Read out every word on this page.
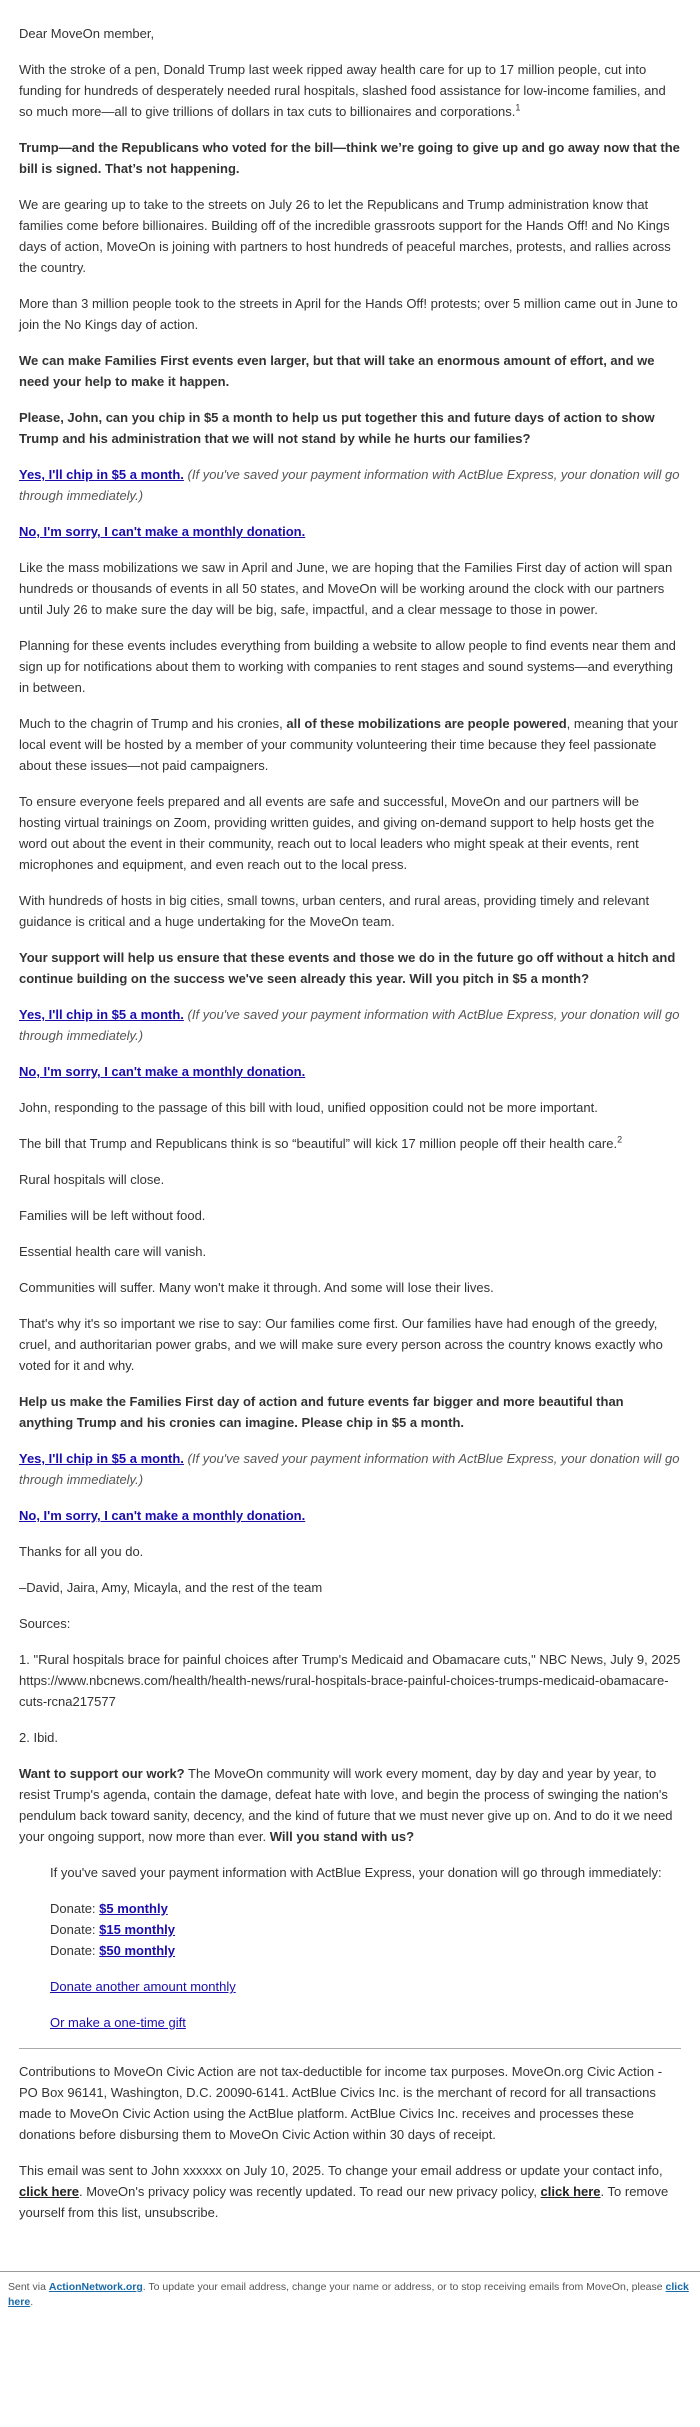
Dear MoveOn member,

With the stroke of a pen, Donald Trump last week ripped away health care for up to 17 million people, cut into funding for hundreds of desperately needed rural hospitals, slashed food assistance for low-income families, and so much more—all to give trillions of dollars in tax cuts to billionaires and corporations.$^1$

Trump—and the Republicans who voted for the bill—think we’re going to give up and go away now that the bill is signed. That’s not happening.

We are gearing up to take to the streets on July 26 to let the Republicans and Trump administration know that families come before billionaires. Building off of the incredible grassroots support for the Hands Off! and No Kings days of action, MoveOn is joining with partners to host hundreds of peaceful marches, protests, and rallies across the country.

More than 3 million people took to the streets in April for the Hands Off! protests; over 5 million came out in June to join the No Kings day of action.

We can make Families First events even larger, but that will take an enormous amount of effort, and we need your help to make it happen.

Please, John, can you chip in $5 a month to help us put together this and future days of action to show Trump and his administration that we will not stand by while he hurts our families?

Yes, I'll chip in $5 a month. (If you've saved your payment information with ActBlue Express, your donation will go through immediately.)

No, I'm sorry, I can't make a monthly donation.

Like the mass mobilizations we saw in April and June, we are hoping that the Families First day of action will span hundreds or thousands of events in all 50 states, and MoveOn will be working around the clock with our partners until July 26 to make sure the day will be big, safe, impactful, and a clear message to those in power.

Planning for these events includes everything from building a website to allow people to find events near them and sign up for notifications about them to working with companies to rent stages and sound systems—and everything in between.

Much to the chagrin of Trump and his cronies, all of these mobilizations are people powered, meaning that your local event will be hosted by a member of your community volunteering their time because they feel passionate about these issues—not paid campaigners.

To ensure everyone feels prepared and all events are safe and successful, MoveOn and our partners will be hosting virtual trainings on Zoom, providing written guides, and giving on-demand support to help hosts get the word out about the event in their community, reach out to local leaders who might speak at their events, rent microphones and equipment, and even reach out to the local press.

With hundreds of hosts in big cities, small towns, urban centers, and rural areas, providing timely and relevant guidance is critical and a huge undertaking for the MoveOn team.

Your support will help us ensure that these events and those we do in the future go off without a hitch and continue building on the success we've seen already this year. Will you pitch in $5 a month?

Yes, I'll chip in $5 a month. (If you've saved your payment information with ActBlue Express, your donation will go through immediately.)

No, I'm sorry, I can't make a monthly donation.

John, responding to the passage of this bill with loud, unified opposition could not be more important.

The bill that Trump and Republicans think is so “beautiful” will kick 17 million people off their health care.$^2$

Rural hospitals will close.

Families will be left without food.

Essential health care will vanish.

Communities will suffer. Many won't make it through. And some will lose their lives.

That's why it's so important we rise to say: Our families come first. Our families have had enough of the greedy, cruel, and authoritarian power grabs, and we will make sure every person across the country knows exactly who voted for it and why.

Help us make the Families First day of action and future events far bigger and more beautiful than anything Trump and his cronies can imagine. Please chip in $5 a month.

Yes, I'll chip in $5 a month. (If you've saved your payment information with ActBlue Express, your donation will go through immediately.)

No, I'm sorry, I can't make a monthly donation.

Thanks for all you do.

–David, Jaira, Amy, Micayla, and the rest of the team

Sources:

1. "Rural hospitals brace for painful choices after Trump's Medicaid and Obamacare cuts," NBC News, July 9, 2025
https://www.nbcnews.com/health/health-news/rural-hospitals-brace-painful-choices-trumps-medicaid-obamacare-cuts-rcna217577

2. Ibid.

Want to support our work? The MoveOn community will work every moment, day by day and year by year, to resist Trump's agenda, contain the damage, defeat hate with love, and begin the process of swinging the nation's pendulum back toward sanity, decency, and the kind of future that we must never give up on. And to do it we need your ongoing support, now more than ever. Will you stand with us?

If you've saved your payment information with ActBlue Express, your donation will go through immediately:

Donate: $5 monthly

Donate: $15 monthly

Donate: $50 monthly

Donate another amount monthly

Or make a one-time gift

Contributions to MoveOn Civic Action are not tax-deductible for income tax purposes. MoveOn.org Civic Action - PO Box 96141, Washington, D.C. 20090-6141. ActBlue Civics Inc. is the merchant of record for all transactions made to MoveOn Civic Action using the ActBlue platform. ActBlue Civics Inc. receives and processes these donations before disbursing them to MoveOn Civic Action within 30 days of receipt.

This email was sent to John xxxxxx on July 10, 2025. To change your email address or update your contact info, click here. MoveOn's privacy policy was recently updated. To read our new privacy policy, click here. To remove yourself from this list, unsubscribe.

Sent via ActionNetwork.org. To update your email address, change your name or address, or to stop receiving emails from MoveOn, please click here.
